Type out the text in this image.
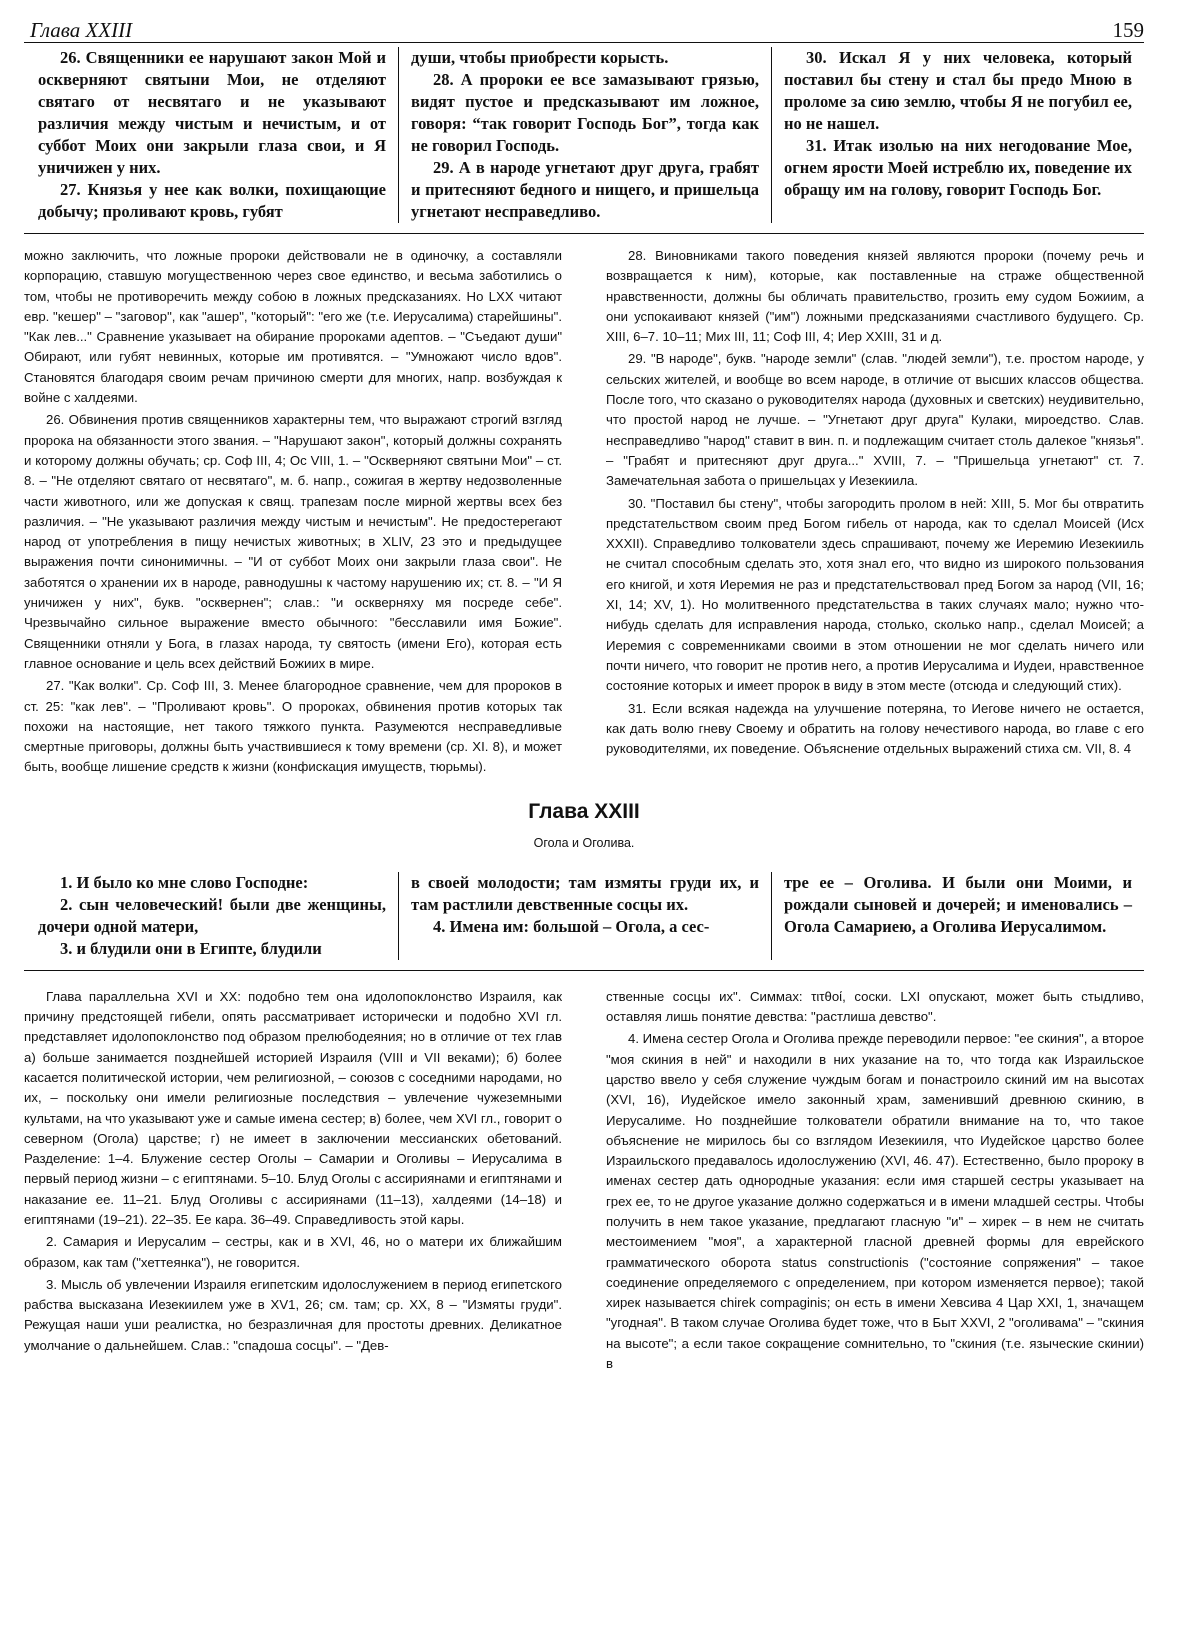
Глава XXIII	159

26. Священники ее нарушают закон Мой и оскверняют святыни Мои, не отделяют святаго от несвятаго и не указывают различия между чистым и нечистым, и от суббот Моих они закрыли глаза свои, и Я уничижен у них.

27. Князья у нее как волки, похищающие добычу; проливают кровь, губят

души, чтобы приобрести корысть.

28. А пророки ее все замазывают грязью, видят пустое и предсказывают им ложное, говоря: “так говорит Господь Бог”, тогда как не говорил Господь.

29. А в народе угнетают друг друга, грабят и притесняют бедного и нищего, и пришельца угнетают несправедливо.

30. Искал Я у них человека, который поставил бы стену и стал бы предо Мною в проломе за сию землю, чтобы Я не погубил ее, но не нашел.

31. Итак изолью на них негодование Мое, огнем ярости Моей истреблю их, поведение их обращу им на голову, говорит Господь Бог.

можно заключить, что ложные пророки действовали не в одиночку, а составляли корпорацию, ставшую могущественною через свое единство, и весьма заботились о том, чтобы не противоречить между собою в ложных предсказаниях. Но LXX читают евр. "кешер" – "заговор", как "ашер", "который": "его же (т.е. Иерусалима) старейшины". "Как лев..." Сравнение указывает на обирание пророками адептов. – "Съедают души" Обирают, или губят невинных, которые им противятся. – "Умножают число вдов". Становятся благодаря своим речам причиною смерти для многих, напр. возбуждая к войне с халдеями.

26. Обвинения против священников характерны тем, что выражают строгий взгляд пророка на обязанности этого звания. – "Нарушают закон", который должны сохранять и которому должны обучать; ср. Соф III, 4; Ос VIII, 1. – "Оскверняют святыни Мои" – ст. 8. – "Не отделяют святаго от несвятаго", м. б. напр., сожигая в жертву недозволенные части животного, или же допуская к свящ. трапезам после мирной жертвы всех без различия. – "Не указывают различия между чистым и нечистым". Не предостерегают народ от употребления в пищу нечистых животных; в XLIV, 23 это и предыдущее выражения почти синонимичны. – "И от суббот Моих они закрыли глаза свои". Не заботятся о хранении их в народе, равнодушны к частому нарушению их; ст. 8. – "И Я уничижен у них", букв. "осквернен"; слав.: "и оскверняху мя посреде себе". Чрезвычайно сильное выражение вместо обычного: "бесславили имя Божие". Священники отняли у Бога, в глазах народа, ту святость (имени Его), которая есть главное основание и цель всех действий Божиих в мире.

27. "Как волки". Ср. Соф III, 3. Менее благородное сравнение, чем для пророков в ст. 25: "как лев". – "Проливают кровь". О пророках, обвинения против которых так похожи на настоящие, нет такого тяжкого пункта. Разумеются несправедливые смертные приговоры, должны быть участвившиеся к тому времени (ср. XI. 8), и может быть, вообще лишение средств к жизни (конфискация имуществ, тюрьмы).

28. Виновниками такого поведения князей являются пророки (почему речь и возвращается к ним), которые, как поставленные на страже общественной нравственности, должны бы обличать правительство, грозить ему судом Божиим, а они успокаивают князей ("им") ложными предсказаниями счастливого будущего. Ср. XIII, 6–7. 10–11; Мих III, 11; Соф III, 4; Иер XXIII, 31 и д.

29. "В народе", букв. "народе земли" (слав. "людей земли"), т.е. простом народе, у сельских жителей, и вообще во всем народе, в отличие от высших классов общества. После того, что сказано о руководителях народа (духовных и светских) неудивительно, что простой народ не лучше. – "Угнетают друг друга" Кулаки, мироедство. Слав. несправедливо "народ" ставит в вин. п. и подлежащим считает столь далекое "князья". – "Грабят и притесняют друг друга..." XVIII, 7. – "Пришельца угнетают" ст. 7. Замечательная забота о пришельцах у Иезекиила.

30. "Поставил бы стену", чтобы загородить пролом в ней: XIII, 5. Мог бы отвратить предстательством своим пред Богом гибель от народа, как то сделал Моисей (Исх XXXII). Справедливо толкователи здесь спрашивают, почему же Иеремию Иезекииль не считал способным сделать это, хотя знал его, что видно из широкого пользования его книгой, и хотя Иеремия не раз и предстательствовал пред Богом за народ (VII, 16; XI, 14; XV, 1). Но молитвенного предстательства в таких случаях мало; нужно что-нибудь сделать для исправления народа, столько, сколько напр., сделал Моисей; а Иеремия с современниками своими в этом отношении не мог сделать ничего или почти ничего, что говорит не против него, а против Иерусалима и Иудеи, нравственное состояние которых и имеет пророк в виду в этом месте (отсюда и следующий стих).

31. Если всякая надежда на улучшение потеряна, то Иегове ничего не остается, как дать волю гневу Своему и обратить на голову нечестивого народа, во главе с его руководителями, их поведение. Объяснение отдельных выражений стиха см. VII, 8. 4

Глава XXIII
Огола и Оголива.

1. И было ко мне слово Господне:

2. сын человеческий! были две женщины, дочери одной матери,

3. и блудили они в Египте, блудили

в своей молодости; там измяты груди их, и там растлили девственные сосцы их.

4. Имена им: большой – Огола, а сес-

тре ее – Оголива. И были они Моими, и рождали сыновей и дочерей; и именовались – Огола Самариею, а Оголива Иерусалимом.

Глава параллельна XVI и XX: подобно тем она идолопоклонство Израиля, как причину предстоящей гибели, опять рассматривает исторически и подобно XVI гл. представляет идолопоклонство под образом прелюбодеяния; но в отличие от тех глав а) больше занимается позднейшей историей Израиля (VIII и VII веками); б) более касается политической истории, чем религиозной, – союзов с соседними народами, но их, – поскольку они имели религиозные последствия – увлечение чужеземными культами, на что указывают уже и самые имена сестер; в) более, чем XVI гл., говорит о северном (Огола) царстве; г) не имеет в заключении мессианских обетований. Разделение: 1–4. Блужение сестер Оголы – Самарии и Оголивы – Иерусалима в первый период жизни – с египтянами. 5–10. Блуд Оголы с ассириянами и египтянами и наказание ее. 11–21. Блуд Оголивы с ассириянами (11–13), халдеями (14–18) и египтянами (19–21). 22–35. Ее кара. 36–49. Справедливость этой кары.

2. Самария и Иерусалим – сестры, как и в XVI, 46, но о матери их ближайшим образом, как там ("хеттеянка"), не говорится.

3. Мысль об увлечении Израиля египетским идолослужением в период египетского рабства высказана Иезекиилем уже в XV1, 26; см. там; ср. XX, 8 – "Измяты груди". Режущая наши уши реалистка, но безразличная для простоты древних. Деликатное умолчание о дальнейшем. Слав.: "спадоша сосцы". – "Дев-

ственные сосцы их". Симмах: τιτθοί, соски. LXI опускают, может быть стыдливо, оставляя лишь понятие девства: "растлиша девство".

4. Имена сестер Огола и Оголива прежде переводили первое: "ее скиния", а второе "моя скиния в ней" и находили в них указание на то, что тогда как Израильское царство ввело у себя служение чуждым богам и понастроило скиний им на высотах (XVI, 16), Иудейское имело законный храм, заменивший древнюю скинию, в Иерусалиме. Но позднейшие толкователи обратили внимание на то, что такое объяснение не мирилось бы со взглядом Иезекииля, что Иудейское царство более Израильского предавалось идолослужению (XVI, 46. 47). Естественно, было пророку в именах сестер дать однородные указания: если имя старшей сестры указывает на грех ее, то не другое указание должно содержаться и в имени младшей сестры. Чтобы получить в нем такое указание, предлагают гласную "и" – хирек – в нем не считать местоимением "моя", а характерной гласной древней формы для еврейского грамматического оборота status constructionis ("состояние сопряжения" – такое соединение определяемого с определением, при котором изменяется первое); такой хирек называется chirek compaginis; он есть в имени Хевсива 4 Цар XXI, 1, значащем "угодная". В таком случае Оголива будет тоже, что в Быт XXVI, 2 "оголивама" – "скиния на высоте"; а если такое сокращение сомнительно, то "скиния (т.е. языческие скинии) в
